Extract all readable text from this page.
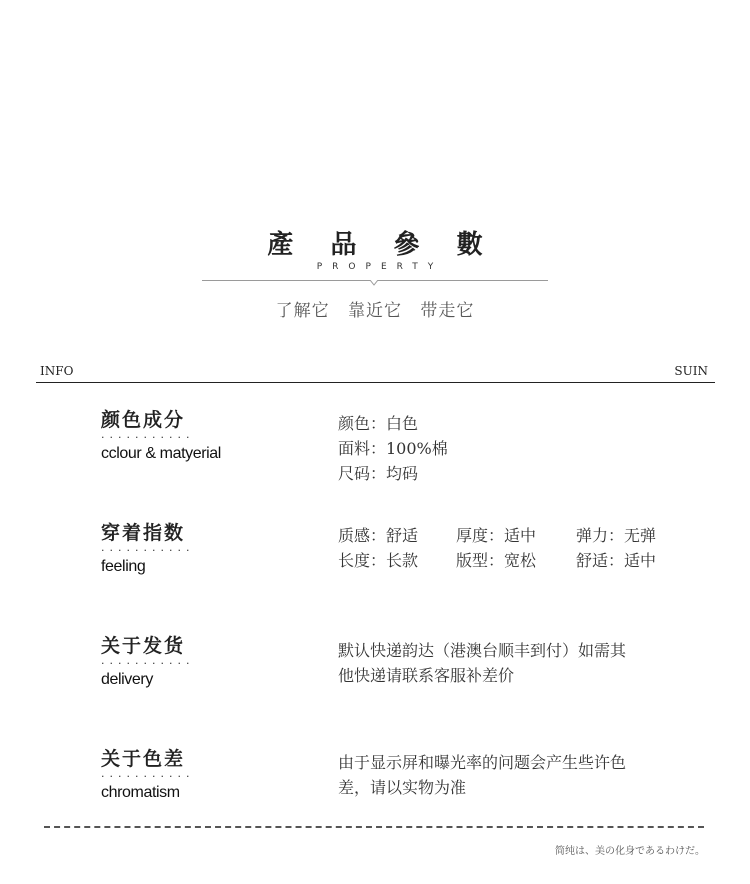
產 品 參 數
PROPERTY
了解它 靠近它 带走它
INFO	SUIN
颜色成分
...........
cclour & matyerial
颜色：白色
面料：100%棉
尺码：均码
穿着指数
...........
feeling
质感：舒适 厚度：适中 弹力：无弹
长度：长款 版型：宽松 舒适：适中
关于发货
...........
delivery
默认快递韵达（港澳台顺丰到付）如需其
他快递请联系客服补差价
关于色差
...........
chromatism
由于显示屏和曝光率的问题会产生些许色
差，请以实物为准
简纯は、美の化身であるわけだ。
